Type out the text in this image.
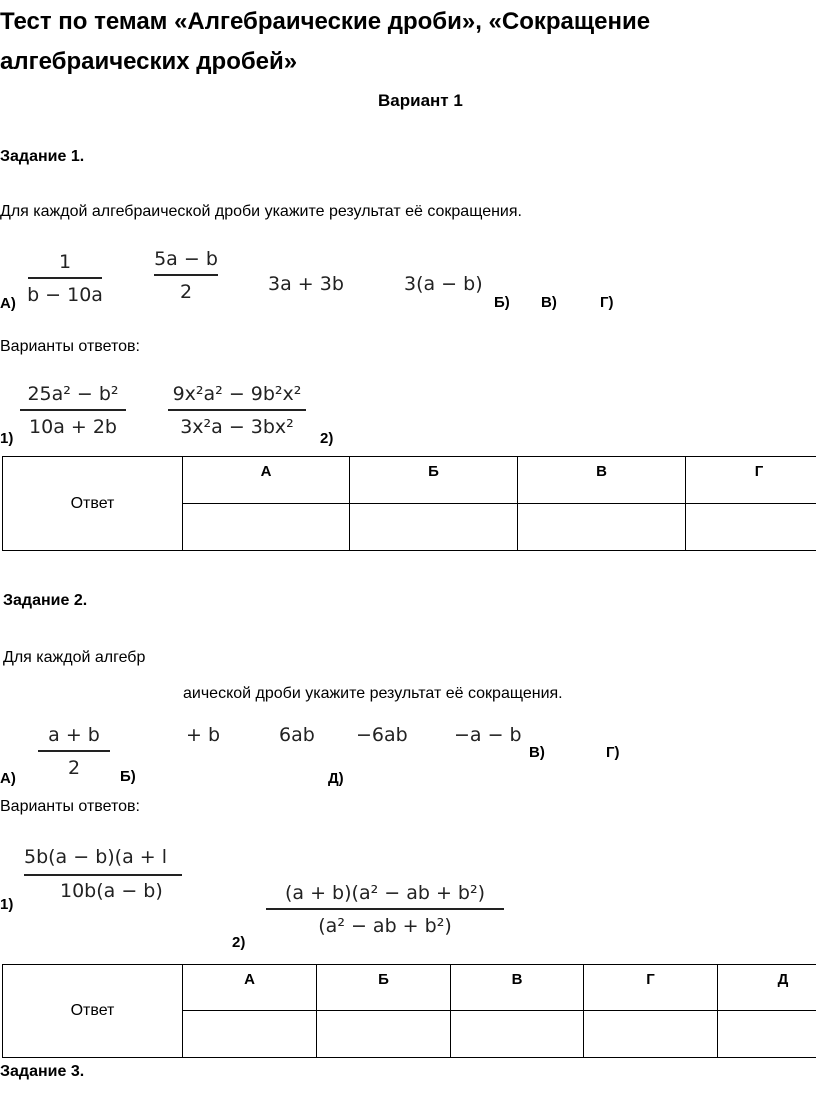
Тест по темам «Алгебраические дроби», «Сокращение алгебраических дробей»
Вариант 1
Задание 1.
Для каждой алгебраической дроби укажите результат её сокращения.
1
b − 10a
5a − b
2	3a + 3b	3(a − b)
А)	Б) В)	Г)
Варианты ответов:
25a² − b²
10a + 2b
9x²a² − 9b²x²
3x²a − 3bx²
1)	2)
Ответ	А	Б	В	Г

Задание 2.
Для каждой алгебр
аической дроби укажите результат её сокращения.
a + b
2
+ b	6ab −6ab −a − b
В)	Г)
А)	Б)	Д)
Варианты ответов:
5b(a − b)(a + l
10b(a − b)	(a + b)(a² − ab + b²)
(a² − ab + b²)
1)
2)
Ответ	А	Б	В	Г	Д

Задание 3.
